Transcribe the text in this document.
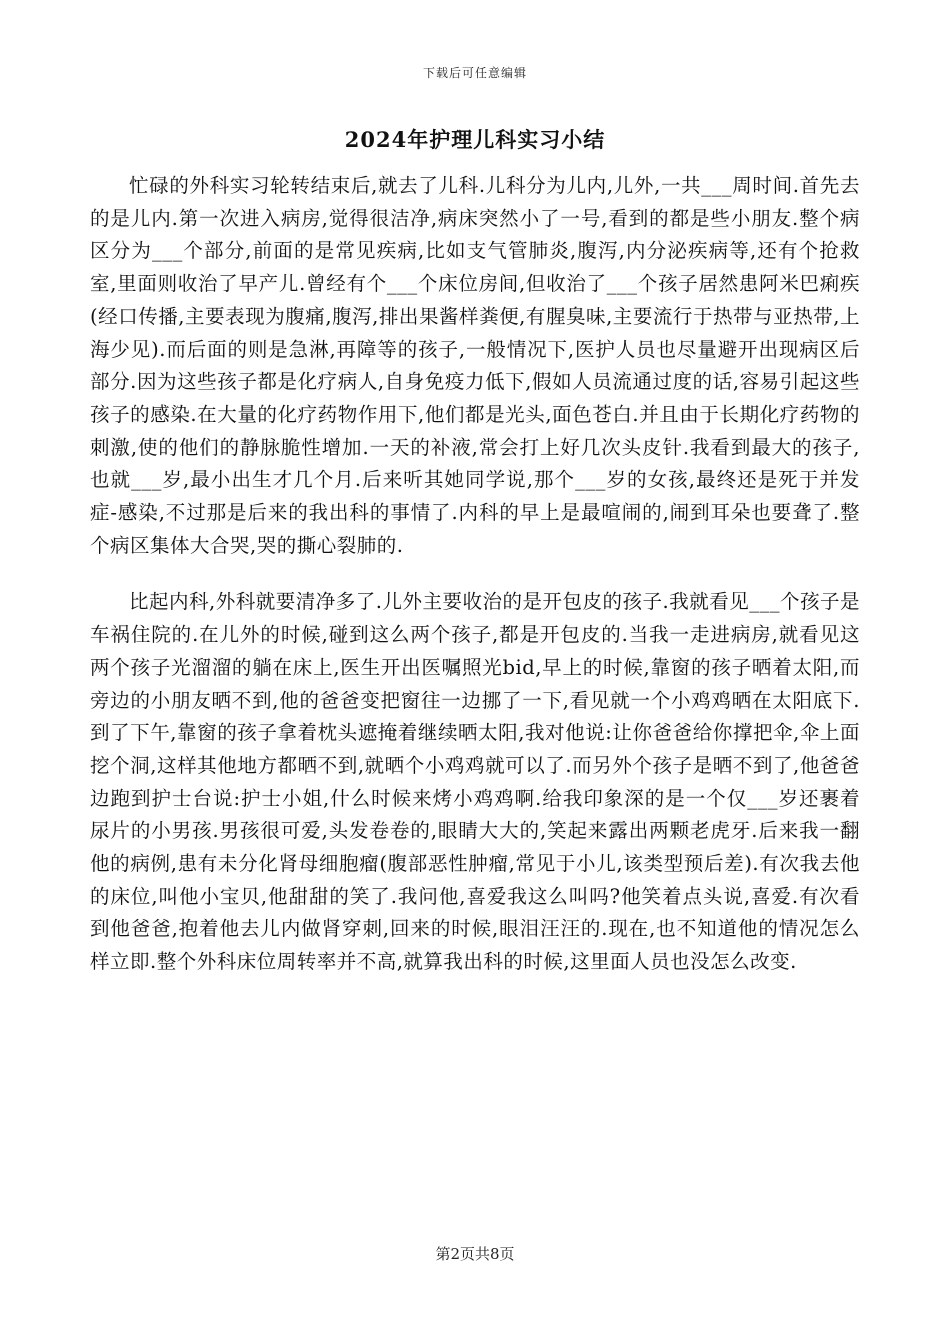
下载后可任意编辑
2024年护理儿科实习小结

忙碌的外科实习轮转结束后,就去了儿科.儿科分为儿内,儿外,一共___周时间.首先去的是儿内.第一次进入病房,觉得很洁净,病床突然小了一号,看到的都是些小朋友.整个病区分为___个部分,前面的是常见疾病,比如支气管肺炎,腹泻,内分泌疾病等,还有个抢救室,里面则收治了早产儿.曾经有个___个床位房间,但收治了___个孩子居然患阿米巴痢疾(经口传播,主要表现为腹痛,腹泻,排出果酱样粪便,有腥臭味,主要流行于热带与亚热带,上海少见).而后面的则是急淋,再障等的孩子,一般情况下,医护人员也尽量避开出现病区后部分.因为这些孩子都是化疗病人,自身免疫力低下,假如人员流通过度的话,容易引起这些孩子的感染.在大量的化疗药物作用下,他们都是光头,面色苍白.并且由于长期化疗药物的刺激,使的他们的静脉脆性增加.一天的补液,常会打上好几次头皮针.我看到最大的孩子,也就___岁,最小出生才几个月.后来听其她同学说,那个___岁的女孩,最终还是死于并发症-感染,不过那是后来的我出科的事情了.内科的早上是最喧闹的,闹到耳朵也要聋了.整个病区集体大合哭,哭的撕心裂肺的.

比起内科,外科就要清净多了.儿外主要收治的是开包皮的孩子.我就看见___个孩子是车祸住院的.在儿外的时候,碰到这么两个孩子,都是开包皮的.当我一走进病房,就看见这两个孩子光溜溜的躺在床上,医生开出医嘱照光bid,早上的时候,靠窗的孩子晒着太阳,而旁边的小朋友晒不到,他的爸爸变把窗往一边挪了一下,看见就一个小鸡鸡晒在太阳底下.到了下午,靠窗的孩子拿着枕头遮掩着继续晒太阳,我对他说:让你爸爸给你撑把伞,伞上面挖个洞,这样其他地方都晒不到,就晒个小鸡鸡就可以了.而另外个孩子是晒不到了,他爸爸边跑到护士台说:护士小姐,什么时候来烤小鸡鸡啊.给我印象深的是一个仅___岁还裹着尿片的小男孩.男孩很可爱,头发卷卷的,眼睛大大的,笑起来露出两颗老虎牙.后来我一翻他的病例,患有未分化肾母细胞瘤(腹部恶性肿瘤,常见于小儿,该类型预后差).有次我去他的床位,叫他小宝贝,他甜甜的笑了.我问他,喜爱我这么叫吗?他笑着点头说,喜爱.有次看到他爸爸,抱着他去儿内做肾穿刺,回来的时候,眼泪汪汪的.现在,也不知道他的情况怎么样立即.整个外科床位周转率并不高,就算我出科的时候,这里面人员也没怎么改变.

第2页共8页
